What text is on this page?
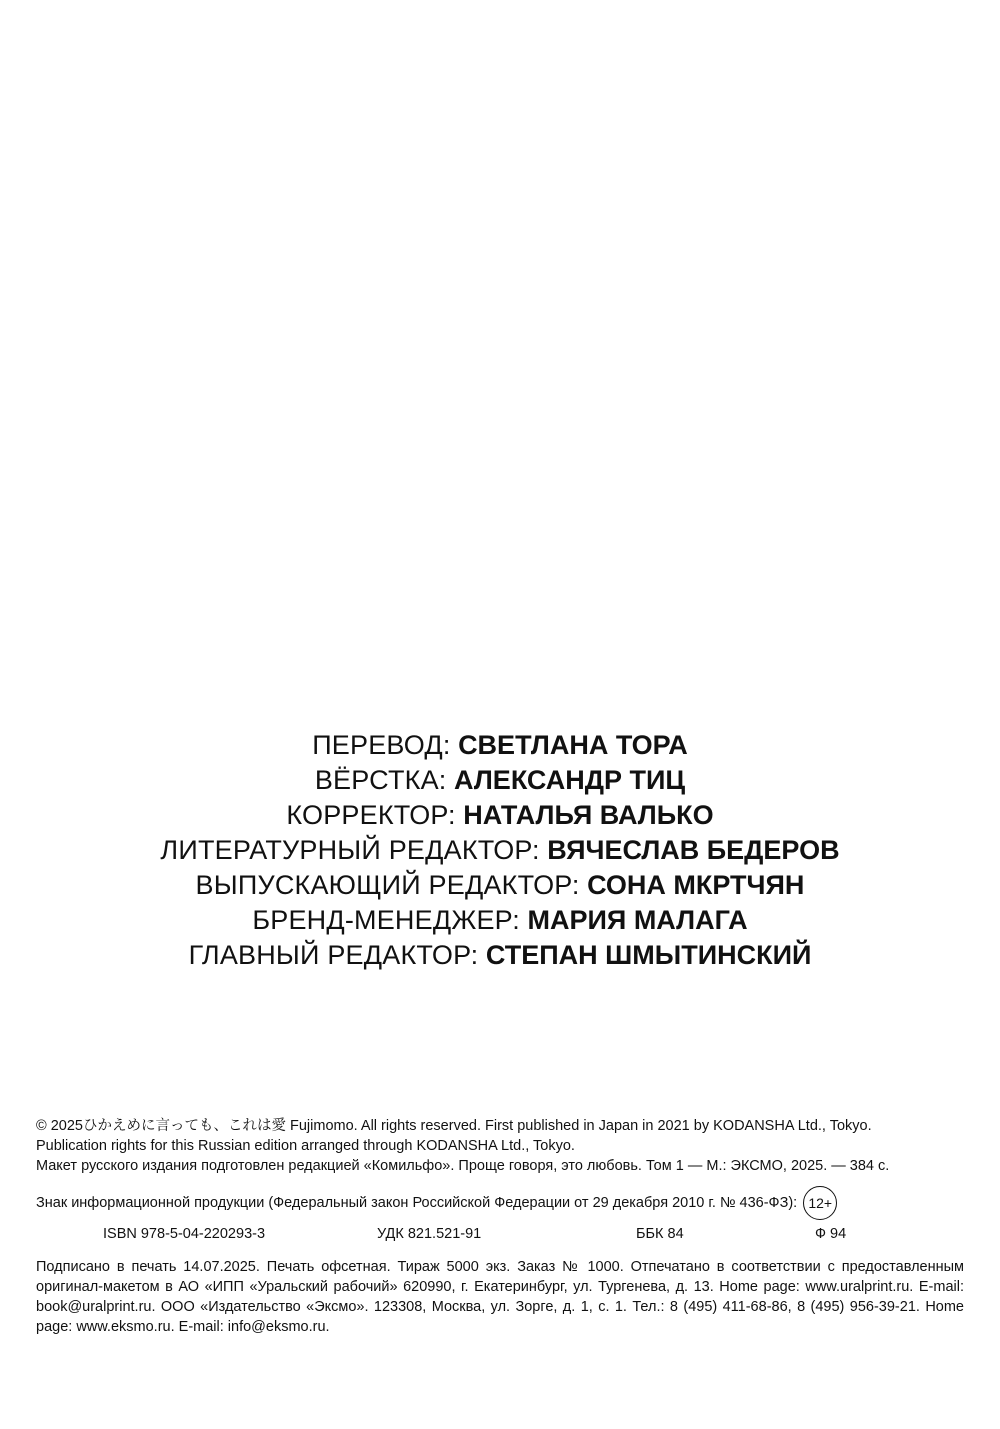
ПЕРЕВОД: СВЕТЛАНА ТОРА
ВЁРСТКА: АЛЕКСАНДР ТИЦ
КОРРЕКТОР: НАТАЛЬЯ ВАЛЬКО
ЛИТЕРАТУРНЫЙ РЕДАКТОР: ВЯЧЕСЛАВ БЕДЕРОВ
ВЫПУСКАЮЩИЙ РЕДАКТОР: СОНА МКРТЧЯН
БРЕНД-МЕНЕДЖЕР: МАРИЯ МАЛАГА
ГЛАВНЫЙ РЕДАКТОР: СТЕПАН ШМЫТИНСКИЙ

© 2025ひかえめに言っても、これは愛 Fujimomo. All rights reserved. First published in Japan in 2021 by KODANSHA Ltd., Tokyo.

Publication rights for this Russian edition arranged through KODANSHA Ltd., Tokyo.

Макет русского издания подготовлен редакцией «Комильфо». Проще говоря, это любовь. Том 1 — М.: ЭКСМО, 2025. — 384 с.

Знак информационной продукции (Федеральный закон Российской Федерации от 29 декабря 2010 г. № 436-ФЗ): 12+
ISBN 978-5-04-220293-3	УДК 821.521-91	ББК 84	Ф 94

Подписано в печать 14.07.2025. Печать офсетная. Тираж 5000 экз. Заказ № 1000. Отпечатано в соответствии с предоставленным оригинал-макетом в АО «ИПП «Уральский рабочий» 620990, г. Екатеринбург, ул. Тургенева, д. 13. Home page: www.uralprint.ru. E-mail: book@uralprint.ru. ООО «Издательство «Эксмо». 123308, Москва, ул. Зорге, д. 1, с. 1. Тел.: 8 (495) 411-68-86, 8 (495) 956-39-21. Home page: www.eksmo.ru. E-mail: info@eksmo.ru.
